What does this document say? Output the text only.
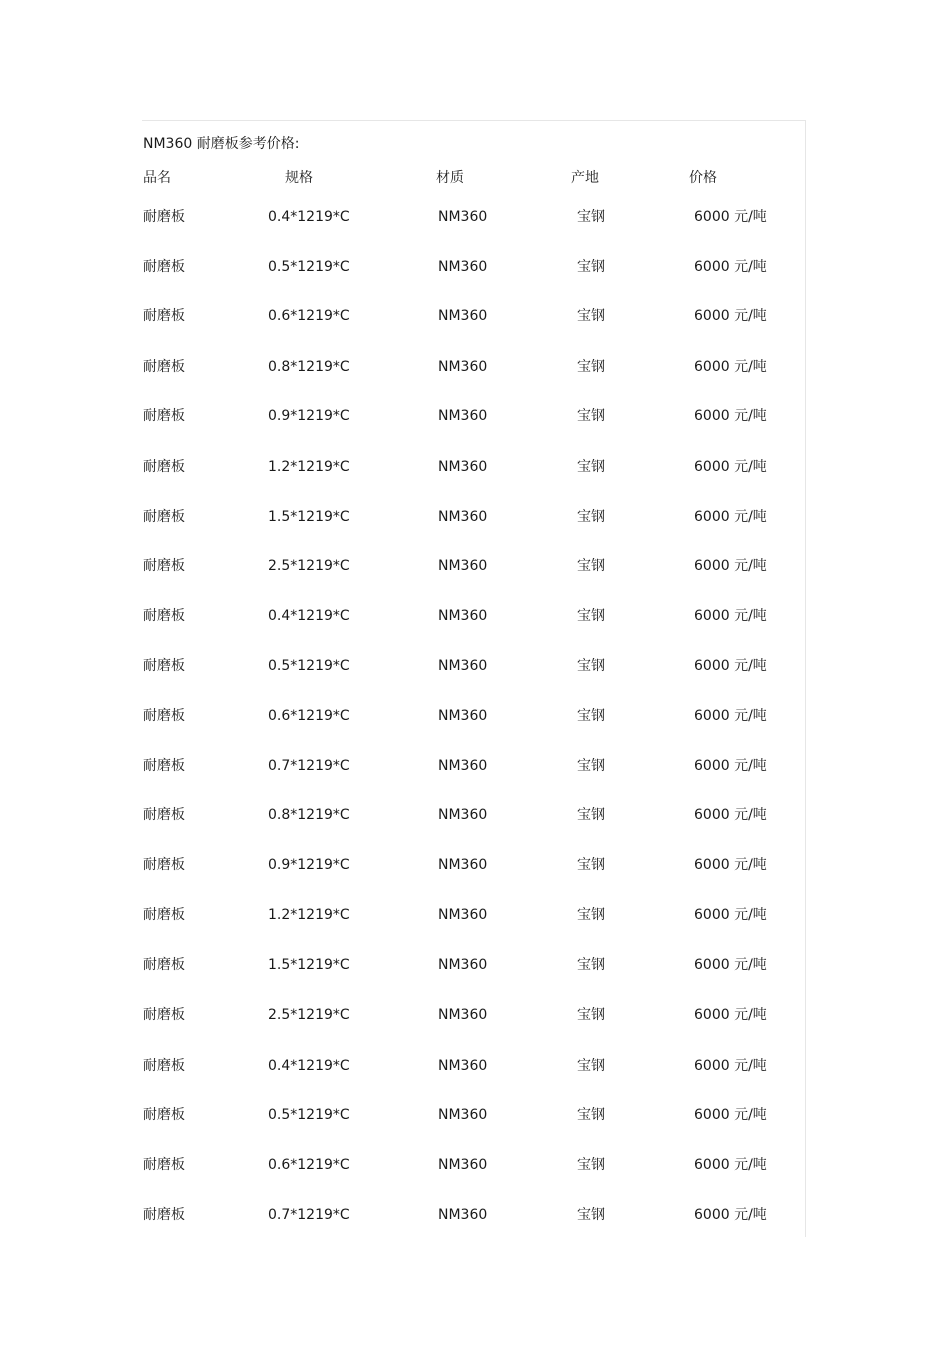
NM360 耐磨板参考价格:
品名	规格	材质	产地	价格
耐磨板	0.4*1219*C	NM360	宝钢	6000 元/吨
耐磨板	0.5*1219*C	NM360	宝钢	6000 元/吨
耐磨板	0.6*1219*C	NM360	宝钢	6000 元/吨
耐磨板	0.8*1219*C	NM360	宝钢	6000 元/吨
耐磨板	0.9*1219*C	NM360	宝钢	6000 元/吨
耐磨板	1.2*1219*C	NM360	宝钢	6000 元/吨
耐磨板	1.5*1219*C	NM360	宝钢	6000 元/吨
耐磨板	2.5*1219*C	NM360	宝钢	6000 元/吨
耐磨板	0.4*1219*C	NM360	宝钢	6000 元/吨
耐磨板	0.5*1219*C	NM360	宝钢	6000 元/吨
耐磨板	0.6*1219*C	NM360	宝钢	6000 元/吨
耐磨板	0.7*1219*C	NM360	宝钢	6000 元/吨
耐磨板	0.8*1219*C	NM360	宝钢	6000 元/吨
耐磨板	0.9*1219*C	NM360	宝钢	6000 元/吨
耐磨板	1.2*1219*C	NM360	宝钢	6000 元/吨
耐磨板	1.5*1219*C	NM360	宝钢	6000 元/吨
耐磨板	2.5*1219*C	NM360	宝钢	6000 元/吨
耐磨板	0.4*1219*C	NM360	宝钢	6000 元/吨
耐磨板	0.5*1219*C	NM360	宝钢	6000 元/吨
耐磨板	0.6*1219*C	NM360	宝钢	6000 元/吨
耐磨板	0.7*1219*C	NM360	宝钢	6000 元/吨
